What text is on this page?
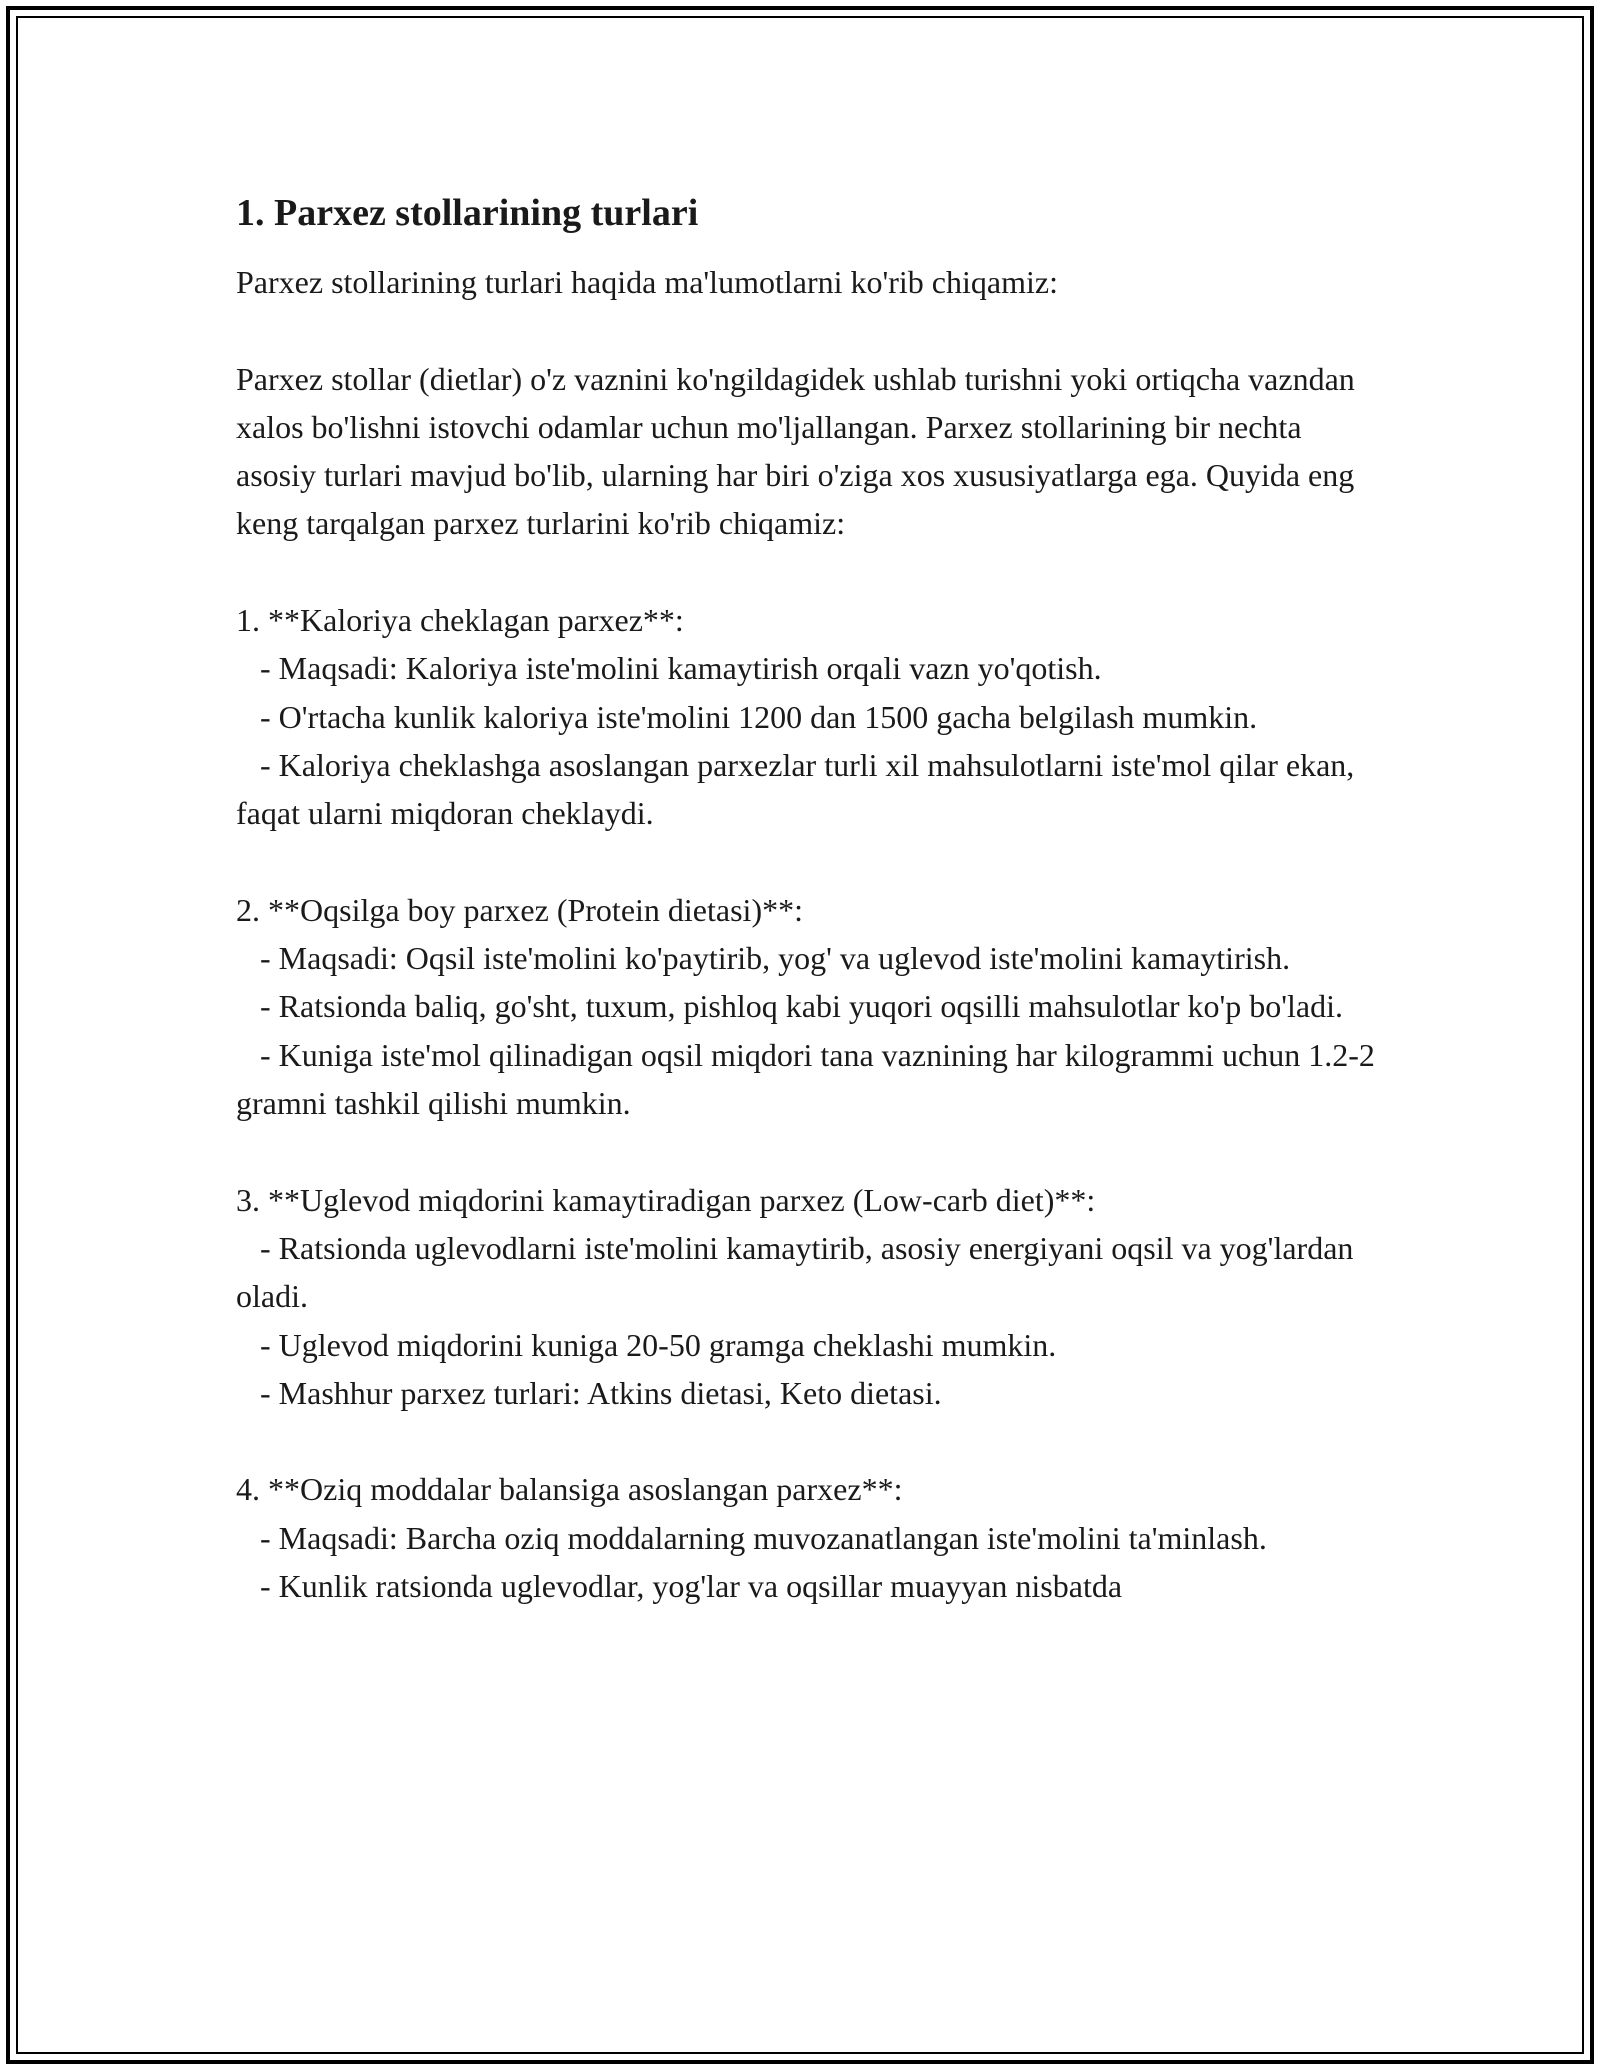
1. Parxez stollarining turlari

Parxez stollarining turlari haqida ma'lumotlarni ko'rib chiqamiz:

Parxez stollar (dietlar) o'z vaznini ko'ngildagidek ushlab turishni yoki ortiqcha vazndan xalos bo'lishni istovchi odamlar uchun mo'ljallangan. Parxez stollarining bir nechta asosiy turlari mavjud bo'lib, ularning har biri o'ziga xos xususiyatlarga ega. Quyida eng keng tarqalgan parxez turlarini ko'rib chiqamiz:

1. **Kaloriya cheklagan parxez**:
- Maqsadi: Kaloriya iste'molini kamaytirish orqali vazn yo'qotish.
- O'rtacha kunlik kaloriya iste'molini 1200 dan 1500 gacha belgilash mumkin.
- Kaloriya cheklashga asoslangan parxezlar turli xil mahsulotlarni iste'mol qilar ekan, faqat ularni miqdoran cheklaydi.

2. **Oqsilga boy parxez (Protein dietasi)**:
- Maqsadi: Oqsil iste'molini ko'paytirib, yog' va uglevod iste'molini kamaytirish.
- Ratsionda baliq, go'sht, tuxum, pishloq kabi yuqori oqsilli mahsulotlar ko'p bo'ladi.
- Kuniga iste'mol qilinadigan oqsil miqdori tana vaznining har kilogrammi uchun 1.2-2 gramni tashkil qilishi mumkin.

3. **Uglevod miqdorini kamaytiradigan parxez (Low-carb diet)**:
- Ratsionda uglevodlarni iste'molini kamaytirib, asosiy energiyani oqsil va yog'lardan oladi.
- Uglevod miqdorini kuniga 20-50 gramga cheklashi mumkin.
- Mashhur parxez turlari: Atkins dietasi, Keto dietasi.

4. **Oziq moddalar balansiga asoslangan parxez**:
- Maqsadi: Barcha oziq moddalarning muvozanatlangan iste'molini ta'minlash.
- Kunlik ratsionda uglevodlar, yog'lar va oqsillar muayyan nisbatda
